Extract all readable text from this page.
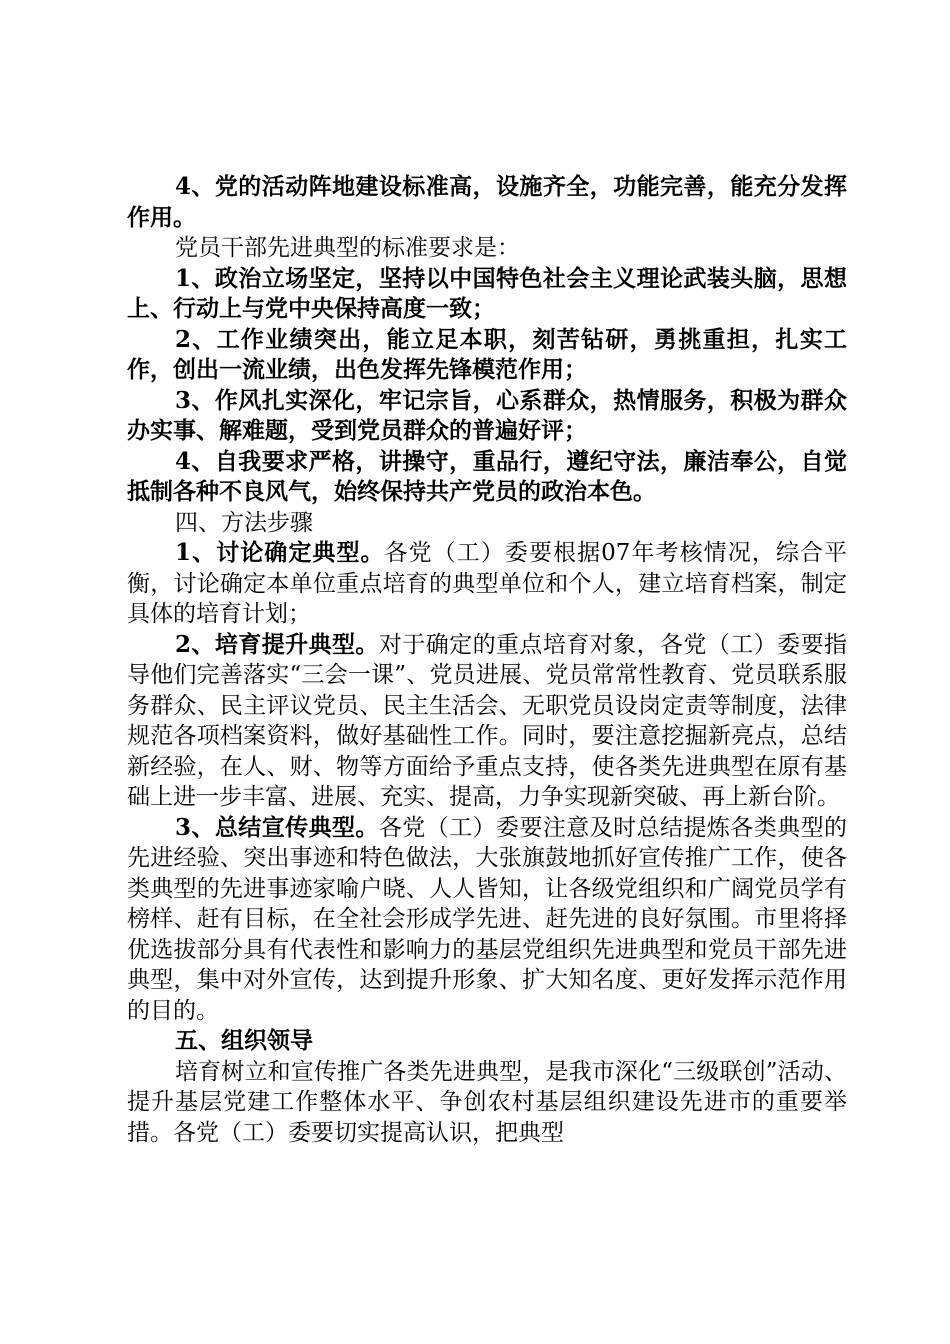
4、党的活动阵地建设标准高，设施齐全，功能完善，能充分发挥作用。

党员干部先进典型的标准要求是：

1、政治立场坚定，坚持以中国特色社会主义理论武装头脑，思想上、行动上与党中央保持高度一致；

2、工作业绩突出，能立足本职，刻苦钻研，勇挑重担，扎实工作，创出一流业绩，出色发挥先锋模范作用；

3、作风扎实深化，牢记宗旨，心系群众，热情服务，积极为群众办实事、解难题，受到党员群众的普遍好评；

4、自我要求严格，讲操守，重品行，遵纪守法，廉洁奉公，自觉抵制各种不良风气，始终保持共产党员的政治本色。

四、方法步骤

1、讨论确定典型。各党（工）委要根据07年考核情况，综合平衡，讨论确定本单位重点培育的典型单位和个人，建立培育档案，制定具体的培育计划；

2、培育提升典型。对于确定的重点培育对象，各党（工）委要指导他们完善落实“三会一课”、党员进展、党员常常性教育、党员联系服务群众、民主评议党员、民主生活会、无职党员设岗定责等制度，法律规范各项档案资料，做好基础性工作。同时，要注意挖掘新亮点，总结新经验，在人、财、物等方面给予重点支持，使各类先进典型在原有基础上进一步丰富、进展、充实、提高，力争实现新突破、再上新台阶。

3、总结宣传典型。各党（工）委要注意及时总结提炼各类典型的先进经验、突出事迹和特色做法，大张旗鼓地抓好宣传推广工作，使各类典型的先进事迹家喻户晓、人人皆知，让各级党组织和广阔党员学有榜样、赶有目标，在全社会形成学先进、赶先进的良好氛围。市里将择优选拔部分具有代表性和影响力的基层党组织先进典型和党员干部先进典型，集中对外宣传，达到提升形象、扩大知名度、更好发挥示范作用的目的。

五、组织领导

培育树立和宣传推广各类先进典型，是我市深化“三级联创”活动、提升基层党建工作整体水平、争创农村基层组织建设先进市的重要举措。各党（工）委要切实提高认识，把典型
